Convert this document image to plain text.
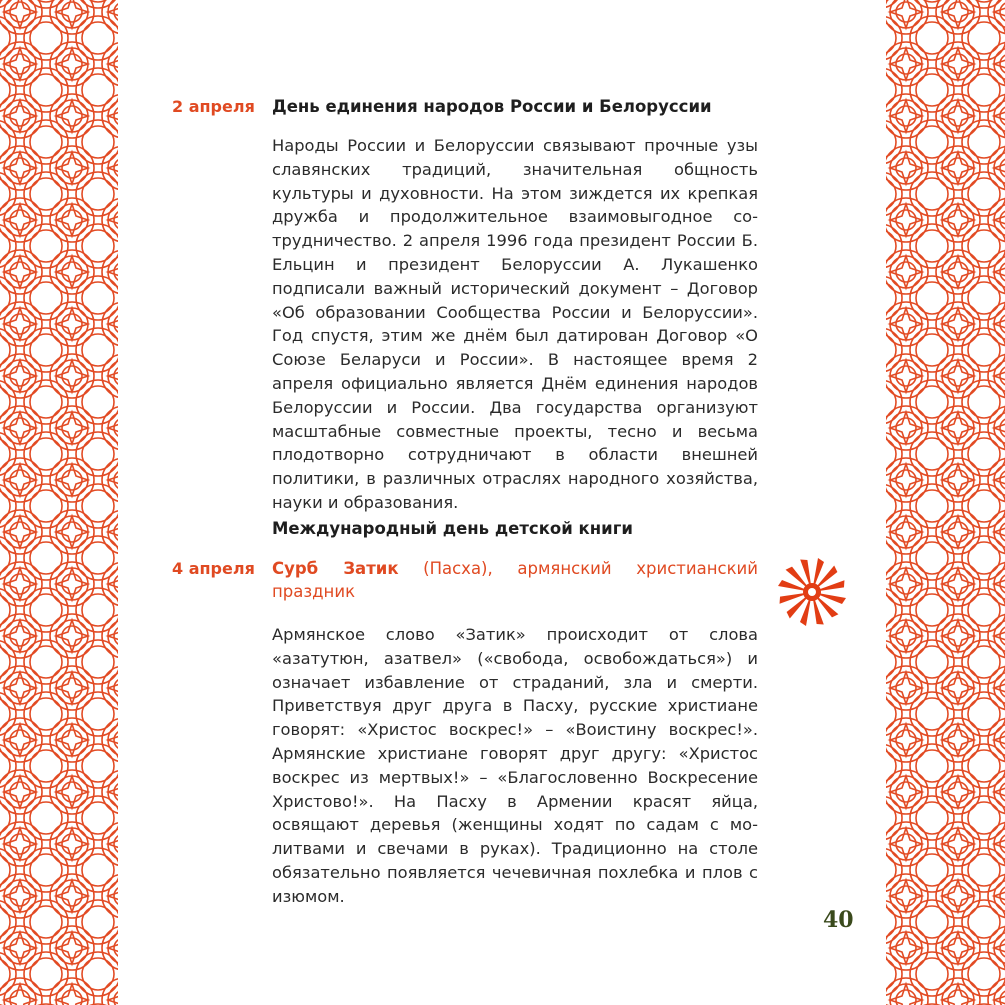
2 апреля	День единения народов России и Белоруссии
Народы России и Белоруссии связывают прочные узы славянских традиций, значительная общность культуры и духовности. На этом зиждется их крепкая дружба и продолжительное взаимовыгодное сотрудничество. 2 апреля 1996 года президент России Б. Ельцин и президент Белоруссии А. Лукашенко подписали важный исторический документ – Договор «Об образовании Сообщества России и Белоруссии». Год спустя, этим же днём был датирован Договор «О Союзе Беларуси и России». В настоящее время 2 апреля официально является Днём единения народов Белоруссии и России. Два государства организуют масштабные совместные проекты, тесно и весьма плодотворно сотрудничают в области внешней политики, в различных отраслях народного хозяйства, науки и образования.
Международный день детской книги
4 апреля	Сурб Затик (Пасха), армянский христианский праздник
Армянское слово «Затик» происходит от слова «азатутюн, азатвел» («свобода, освобождаться») и означает избавление от страданий, зла и смерти. Приветствуя друг друга в Пасху, русские христиане говорят: «Христос воскрес!» – «Воистину воскрес!». Армянские христиане говорят друг другу: «Христос воскрес из мертвых!» – «Благословенно Воскресение Христово!». На Пасху в Армении красят яйца, освящают деревья (женщины ходят по садам с молитвами и свечами в руках). Традиционно на столе обязательно появляется чечевичная похлебка и плов с изюмом.
40
